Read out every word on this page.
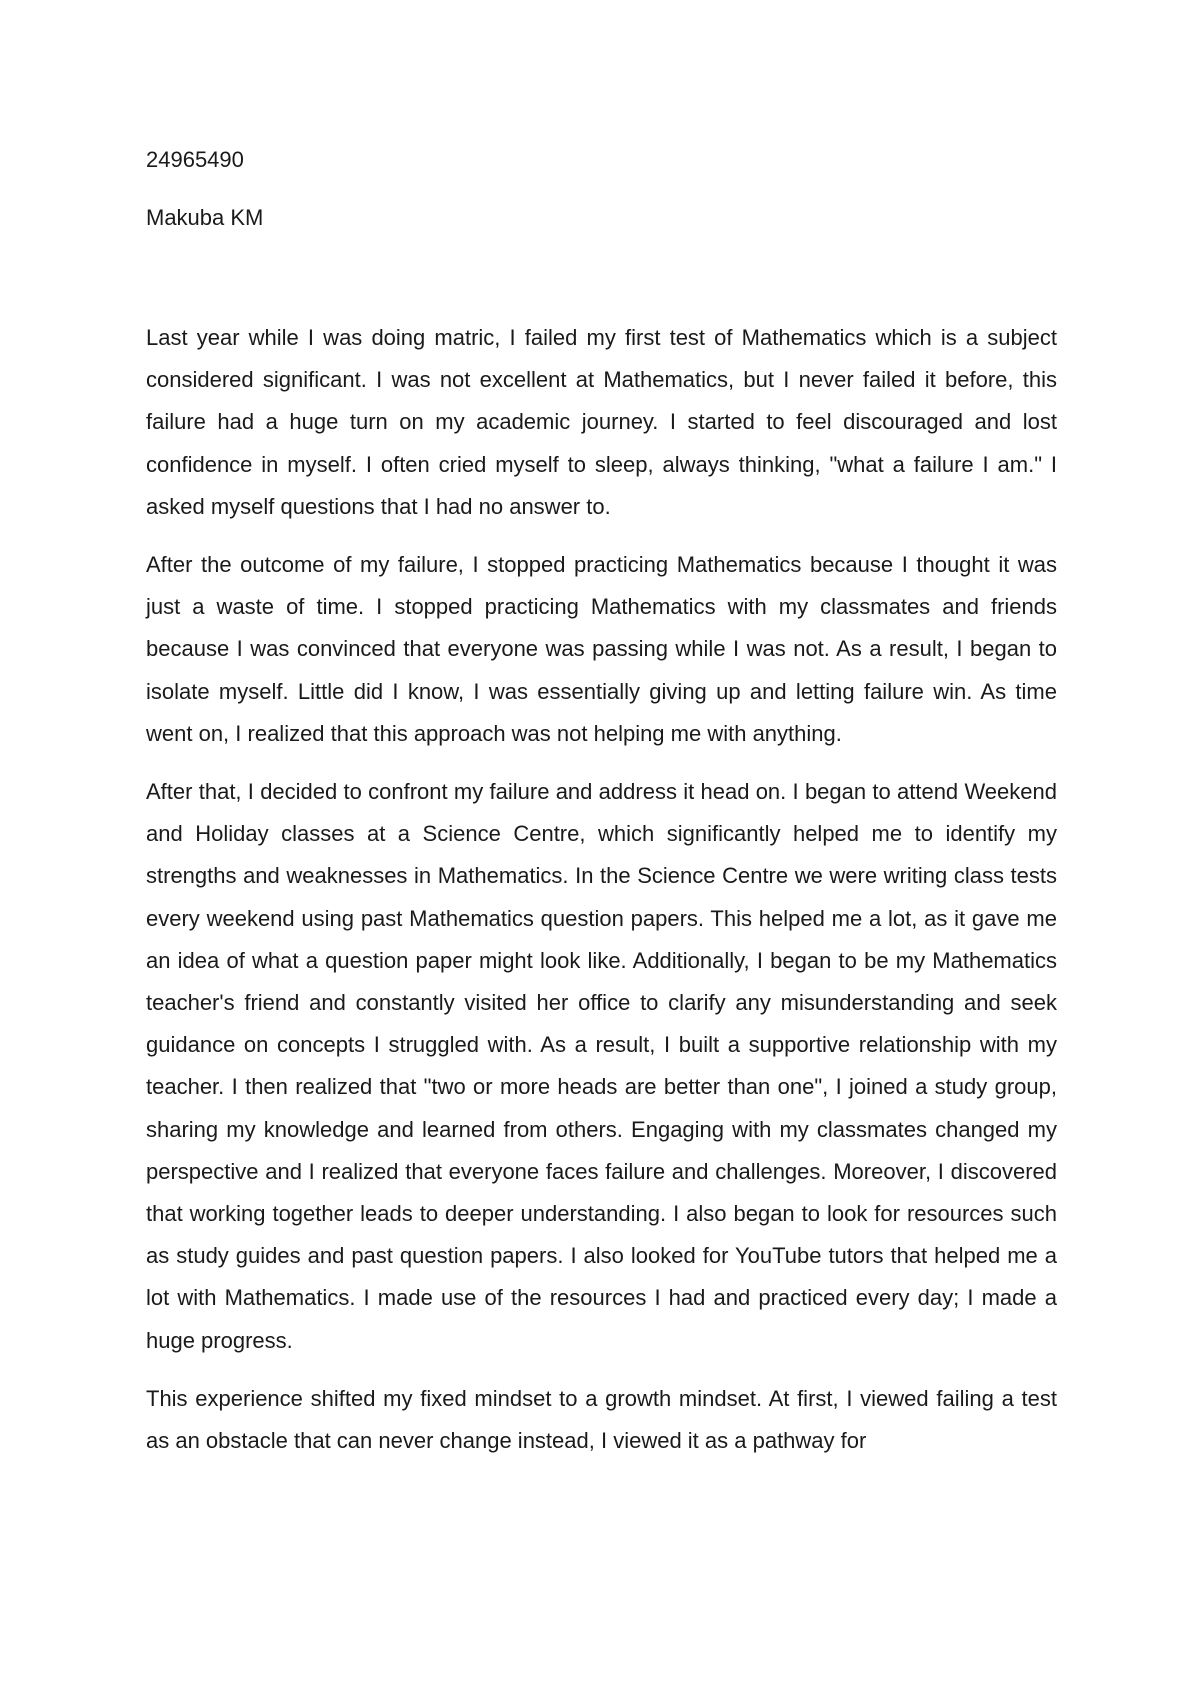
24965490
Makuba KM

Last year while I was doing matric, I failed my first test of Mathematics which is a subject considered significant. I was not excellent at Mathematics, but I never failed it before, this failure had a huge turn on my academic journey. I started to feel discouraged and lost confidence in myself. I often cried myself to sleep, always thinking, "what a failure I am." I asked myself questions that I had no answer to.

After the outcome of my failure, I stopped practicing Mathematics because I thought it was just a waste of time. I stopped practicing Mathematics with my classmates and friends because I was convinced that everyone was passing while I was not. As a result, I began to isolate myself. Little did I know, I was essentially giving up and letting failure win. As time went on, I realized that this approach was not helping me with anything.

After that, I decided to confront my failure and address it head on. I began to attend Weekend and Holiday classes at a Science Centre, which significantly helped me to identify my strengths and weaknesses in Mathematics. In the Science Centre we were writing class tests every weekend using past Mathematics question papers. This helped me a lot, as it gave me an idea of what a question paper might look like. Additionally, I began to be my Mathematics teacher's friend and constantly visited her office to clarify any misunderstanding and seek guidance on concepts I struggled with. As a result, I built a supportive relationship with my teacher. I then realized that "two or more heads are better than one", I joined a study group, sharing my knowledge and learned from others. Engaging with my classmates changed my perspective and I realized that everyone faces failure and challenges. Moreover, I discovered that working together leads to deeper understanding. I also began to look for resources such as study guides and past question papers. I also looked for YouTube tutors that helped me a lot with Mathematics. I made use of the resources I had and practiced every day; I made a huge progress.

This experience shifted my fixed mindset to a growth mindset. At first, I viewed failing a test as an obstacle that can never change instead, I viewed it as a pathway for
